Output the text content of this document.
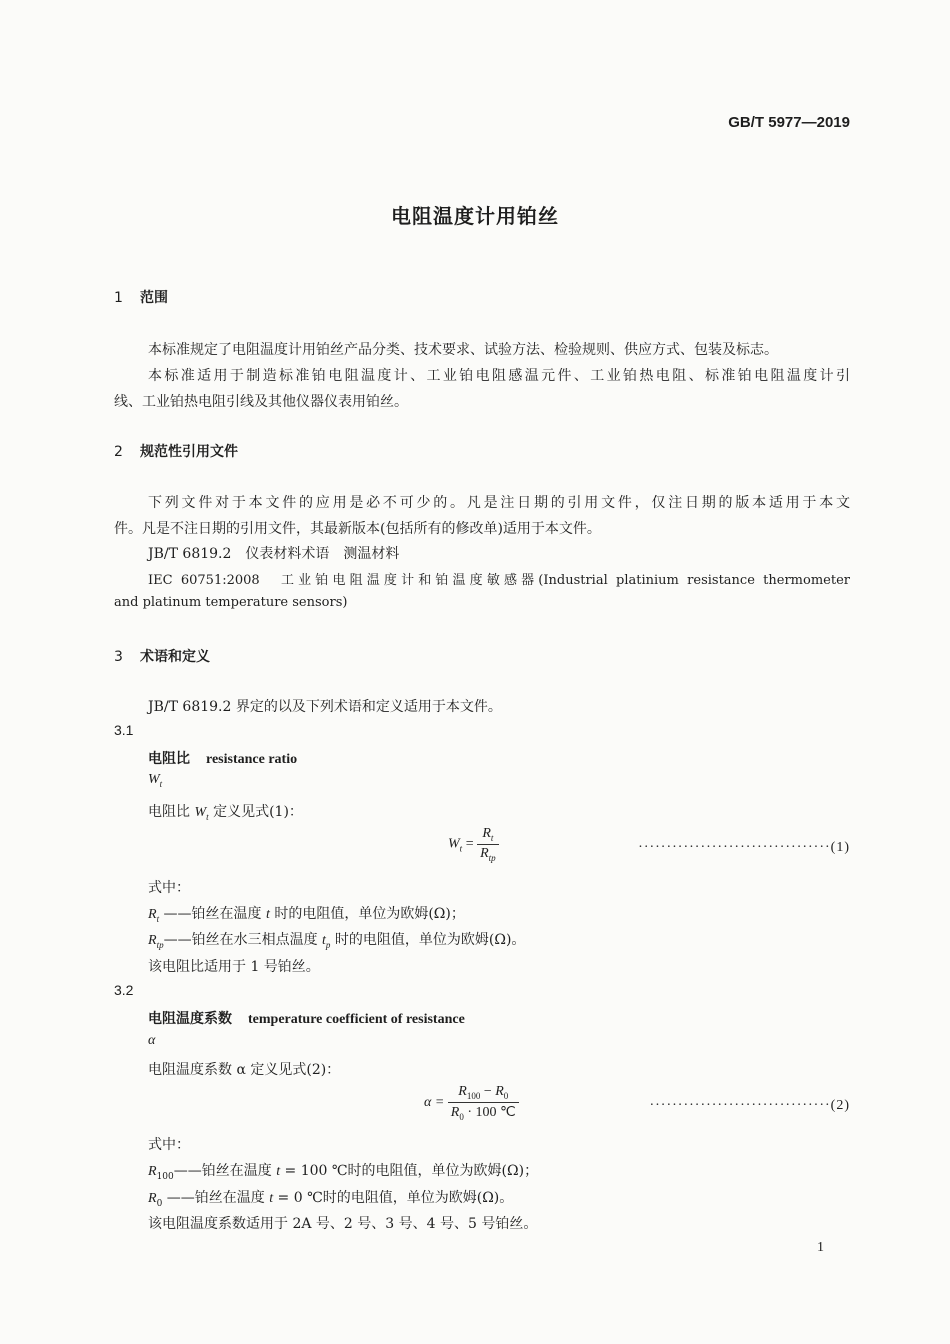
GB/T 5977—2019
电阻温度计用铂丝
1 范围
本标准规定了电阻温度计用铂丝产品分类、技术要求、试验方法、检验规则、供应方式、包装及标志。
本标准适用于制造标准铂电阻温度计、工业铂电阻感温元件、工业铂热电阻、标准铂电阻温度计引
线、工业铂热电阻引线及其他仪器仪表用铂丝。
2 规范性引用文件
下列文件对于本文件的应用是必不可少的。凡是注日期的引用文件，仅注日期的版本适用于本文
件。凡是不注日期的引用文件，其最新版本(包括所有的修改单)适用于本文件。
JB/T 6819.2　仪表材料术语　测温材料
IEC 60751:2008　工业铂电阻温度计和铂温度敏感器(Industrial platinium resistance thermometer
and platinum temperature sensors)
3 术语和定义
JB/T 6819.2 界定的以及下列术语和定义适用于本文件。
3.1
电阻比 resistance ratio
$W_t$
电阻比 $W_t$ 定义见式(1)：
$W_t = \frac{R_t}{R_{tp}}$	··································(1)
式中：
$R_t$ ——铂丝在温度 t 时的电阻值，单位为欧姆(Ω)；
$R_{tp}——$铂丝在水三相点温度 $t_p$ 时的电阻值，单位为欧姆(Ω)。
该电阻比适用于 1 号铂丝。
3.2
电阻温度系数 temperature coefficient of resistance
α
电阻温度系数 α 定义见式(2)：
$\alpha = \frac{R_{100} - R_0}{R_0 \cdot 100 ℃}$	································(2)
式中：
$R_{100}——$铂丝在温度 t = 100 ℃时的电阻值，单位为欧姆(Ω)；
$R_0$ ——铂丝在温度 t = 0 ℃时的电阻值，单位为欧姆(Ω)。
该电阻温度系数适用于 2A 号、2 号、3 号、4 号、5 号铂丝。
1
